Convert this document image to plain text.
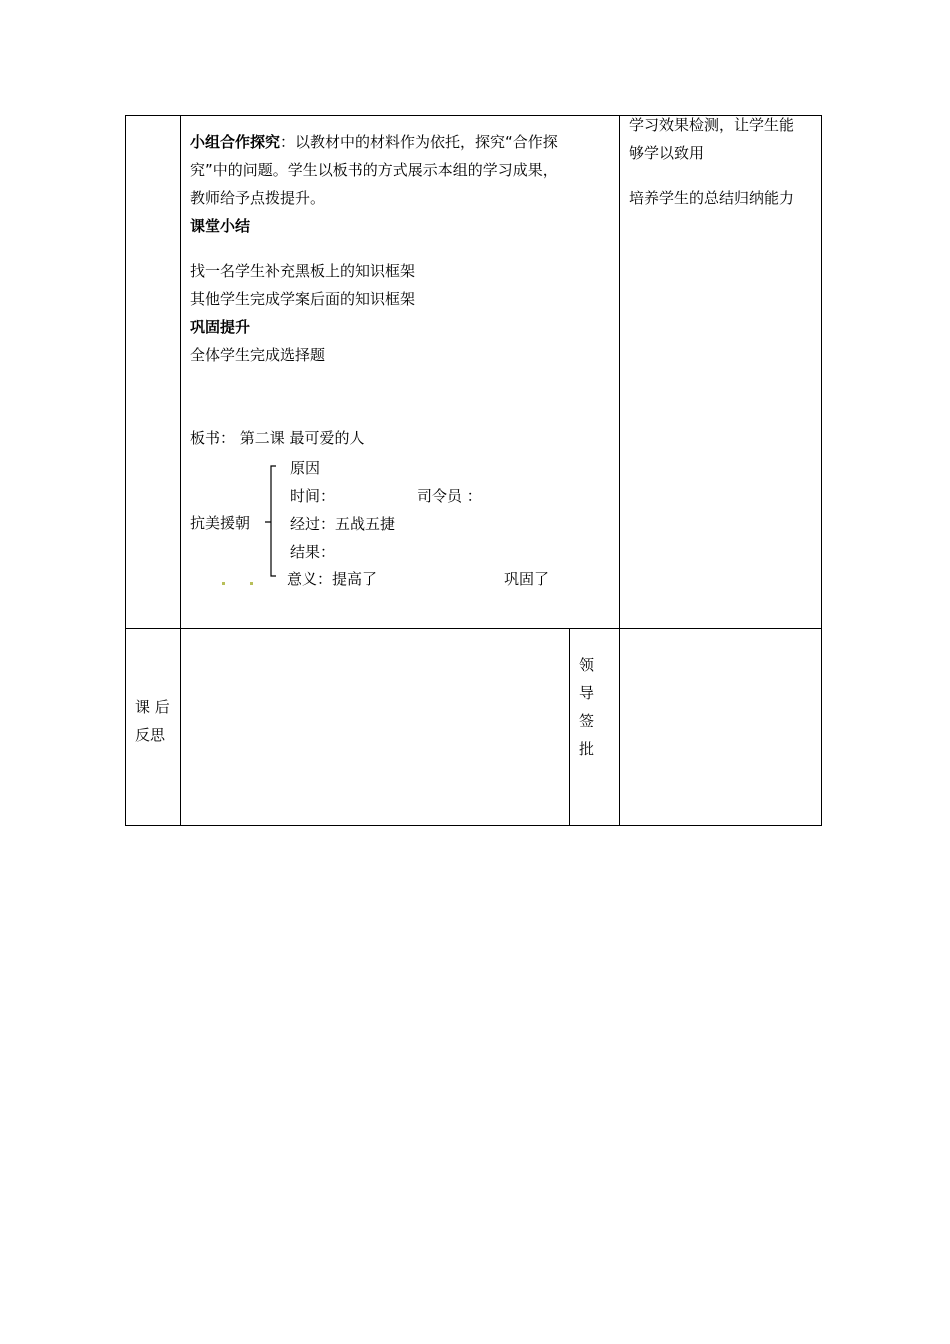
小组合作探究：以教材中的材料作为依托，探究“合作探
究”中的问题。学生以板书的方式展示本组的学习成果，
教师给予点拨提升。
课堂小结
找一名学生补充黑板上的知识框架
其他学生完成学案后面的知识框架
巩固提升
全体学生完成选择题
板书： 第二课 最可爱的人
抗美援朝
原因
时间：	司令员 ：
经过：五战五捷
结果：
意义：提高了	巩固了
学习效果检测，让学生能
够学以致用
培养学生的总结归纳能力
课 后
反思
领
导
签
批
